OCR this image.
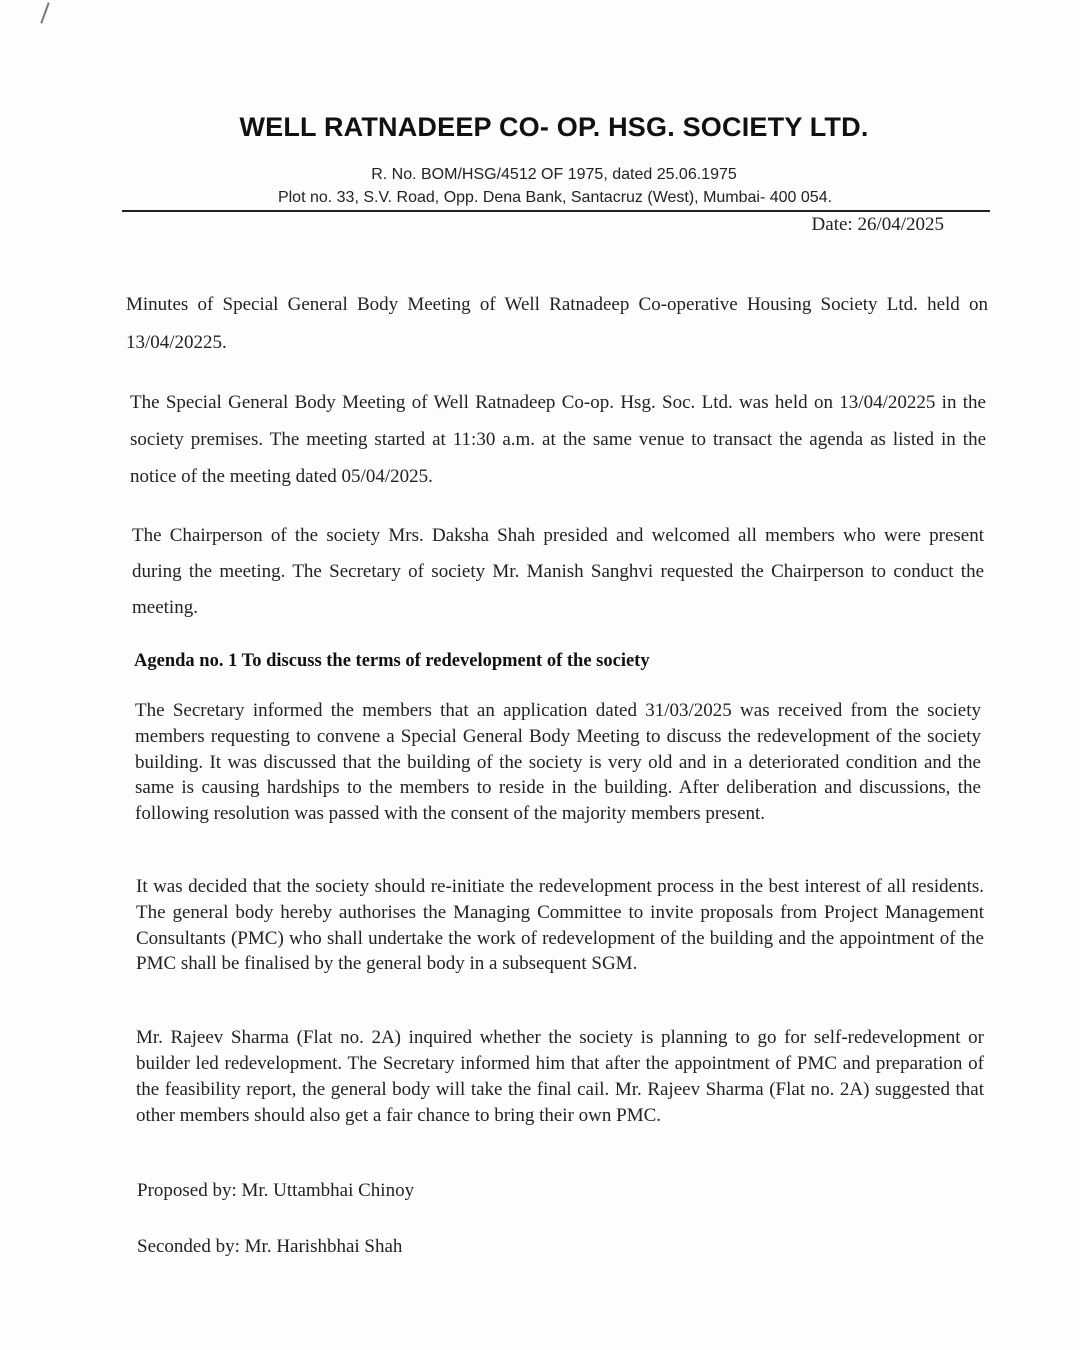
WELL RATNADEEP CO- OP. HSG. SOCIETY LTD.
R. No. BOM/HSG/4512 OF 1975, dated 25.06.1975
Plot no. 33, S.V. Road, Opp. Dena Bank, Santacruz (West), Mumbai- 400 054.
Date: 26/04/2025
Minutes of Special General Body Meeting of Well Ratnadeep Co-operative Housing Society Ltd. held on 13/04/20225.
The Special General Body Meeting of Well Ratnadeep Co-op. Hsg. Soc. Ltd. was held on 13/04/20225 in the society premises. The meeting started at 11:30 a.m. at the same venue to transact the agenda as listed in the notice of the meeting dated 05/04/2025.
The Chairperson of the society Mrs. Daksha Shah presided and welcomed all members who were present during the meeting. The Secretary of society Mr. Manish Sanghvi requested the Chairperson to conduct the meeting.
Agenda no. 1 To discuss the terms of redevelopment of the society
The Secretary informed the members that an application dated 31/03/2025 was received from the society members requesting to convene a Special General Body Meeting to discuss the redevelopment of the society building. It was discussed that the building of the society is very old and in a deteriorated condition and the same is causing hardships to the members to reside in the building. After deliberation and discussions, the following resolution was passed with the consent of the majority members present.
It was decided that the society should re-initiate the redevelopment process in the best interest of all residents. The general body hereby authorises the Managing Committee to invite proposals from Project Management Consultants (PMC) who shall undertake the work of redevelopment of the building and the appointment of the PMC shall be finalised by the general body in a subsequent SGM.
Mr. Rajeev Sharma (Flat no. 2A) inquired whether the society is planning to go for self-redevelopment or builder led redevelopment. The Secretary informed him that after the appointment of PMC and preparation of the feasibility report, the general body will take the final cail. Mr. Rajeev Sharma (Flat no. 2A) suggested that other members should also get a fair chance to bring their own PMC.
Proposed by: Mr. Uttambhai Chinoy
Seconded by: Mr. Harishbhai Shah
